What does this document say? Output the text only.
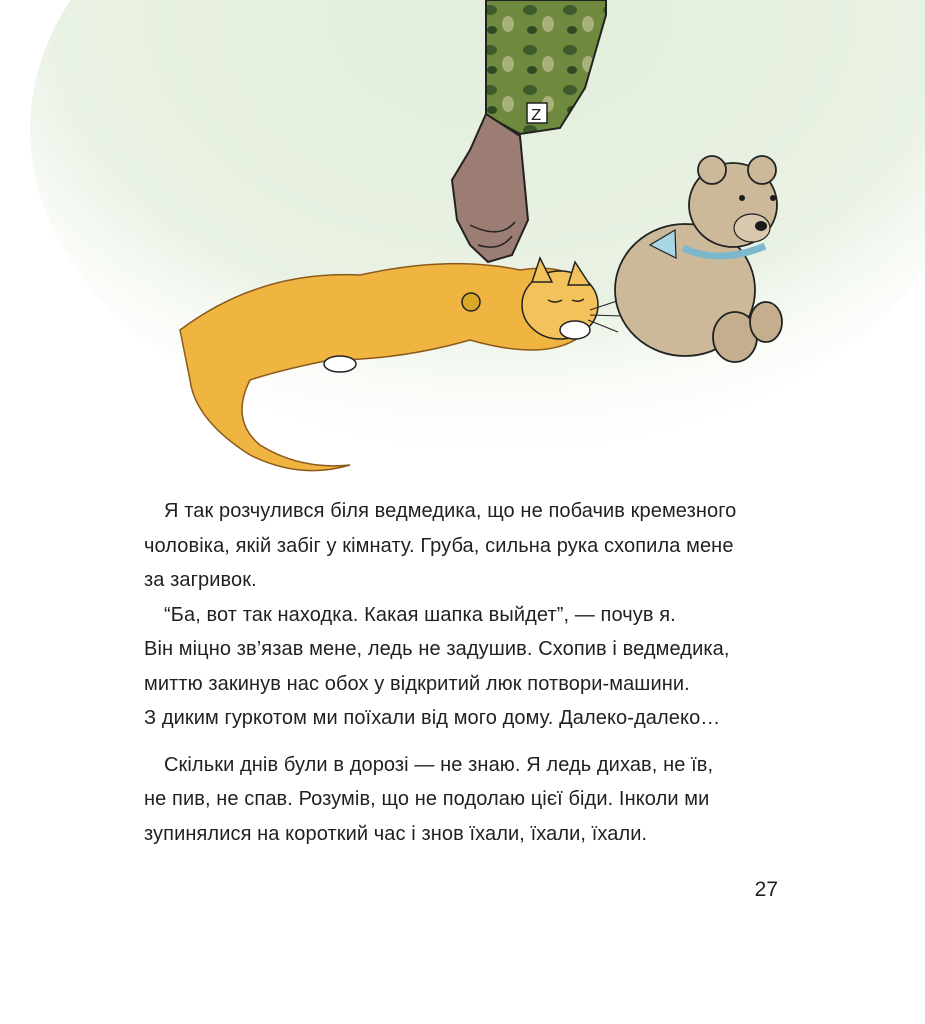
Z
Я так розчулився біля ведмедика, що не побачив кремезного
чоловіка, якій забіг у кімнату. Груба, сильна рука схопила мене
за загривок.
“Ба, вот так находка. Какая шапка выйдет”, — почув я.
Він міцно зв’язав мене, ледь не задушив. Схопив і ведмедика,
миттю закинув нас обох у відкритий люк потвори-машини.
З диким гуркотом ми поїхали від мого дому. Далеко-далеко…
Скільки днів були в дорозі — не знаю. Я ледь дихав, не їв,
не пив, не спав. Розумів, що не подолаю цієї біди. Інколи ми
зупинялися на короткий час і знов їхали, їхали, їхали.
27
